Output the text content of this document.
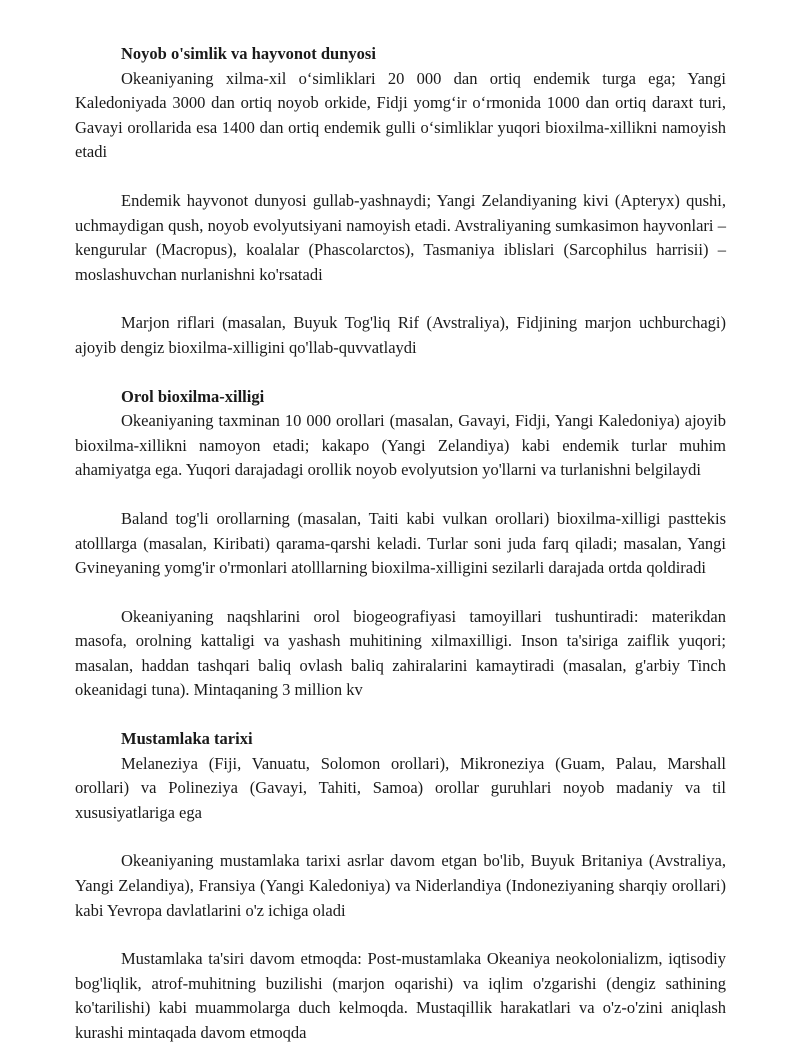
Noyob o'simlik va hayvonot dunyosi

Okeaniyaning xilma-xil o‘simliklari 20 000 dan ortiq endemik turga ega; Yangi Kaledoniyada 3000 dan ortiq noyob orkide, Fidji yomg‘ir o‘rmonida 1000 dan ortiq daraxt turi, Gavayi orollarida esa 1400 dan ortiq endemik gulli o‘simliklar yuqori bioxilma-xillikni namoyish etadi

Endemik hayvonot dunyosi gullab-yashnaydi; Yangi Zelandiyaning kivi (Apteryx) qushi, uchmaydigan qush, noyob evolyutsiyani namoyish etadi. Avstraliyaning sumkasimon hayvonlari – kengurular (Macropus), koalalar (Phascolarctos), Tasmaniya iblislari (Sarcophilus harrisii) – moslashuvchan nurlanishni ko'rsatadi

Marjon riflari (masalan, Buyuk Tog'liq Rif (Avstraliya), Fidjining marjon uchburchagi) ajoyib dengiz bioxilma-xilligini qo'llab-quvvatlaydi

Orol bioxilma-xilligi

Okeaniyaning taxminan 10 000 orollari (masalan, Gavayi, Fidji, Yangi Kaledoniya) ajoyib bioxilma-xillikni namoyon etadi; kakapo (Yangi Zelandiya) kabi endemik turlar muhim ahamiyatga ega. Yuqori darajadagi orollik noyob evolyutsion yo'llarni va turlanishni belgilaydi

Baland tog'li orollarning (masalan, Taiti kabi vulkan orollari) bioxilma-xilligi pasttekis atolllarga (masalan, Kiribati) qarama-qarshi keladi. Turlar soni juda farq qiladi; masalan, Yangi Gvineyaning yomg'ir o'rmonlari atolllarning bioxilma-xilligini sezilarli darajada ortda qoldiradi

Okeaniyaning naqshlarini orol biogeografiyasi tamoyillari tushuntiradi: materikdan masofa, orolning kattaligi va yashash muhitining xilmaxilligi. Inson ta'siriga zaiflik yuqori; masalan, haddan tashqari baliq ovlash baliq zahiralarini kamaytiradi (masalan, g'arbiy Tinch okeanidagi tuna). Mintaqaning 3 million kv

Mustamlaka tarixi

Melaneziya (Fiji, Vanuatu, Solomon orollari), Mikroneziya (Guam, Palau, Marshall orollari) va Polineziya (Gavayi, Tahiti, Samoa) orollar guruhlari noyob madaniy va til xususiyatlariga ega

Okeaniyaning mustamlaka tarixi asrlar davom etgan bo'lib, Buyuk Britaniya (Avstraliya, Yangi Zelandiya), Fransiya (Yangi Kaledoniya) va Niderlandiya (Indoneziyaning sharqiy orollari) kabi Yevropa davlatlarini o'z ichiga oladi

Mustamlaka ta'siri davom etmoqda: Post-mustamlaka Okeaniya neokolonializm, iqtisodiy bog'liqlik, atrof-muhitning buzilishi (marjon oqarishi) va iqlim o'zgarishi (dengiz sathining ko'tarilishi) kabi muammolarga duch kelmoqda. Mustaqillik harakatlari va o'z-o'zini aniqlash kurashi mintaqada davom etmoqda
